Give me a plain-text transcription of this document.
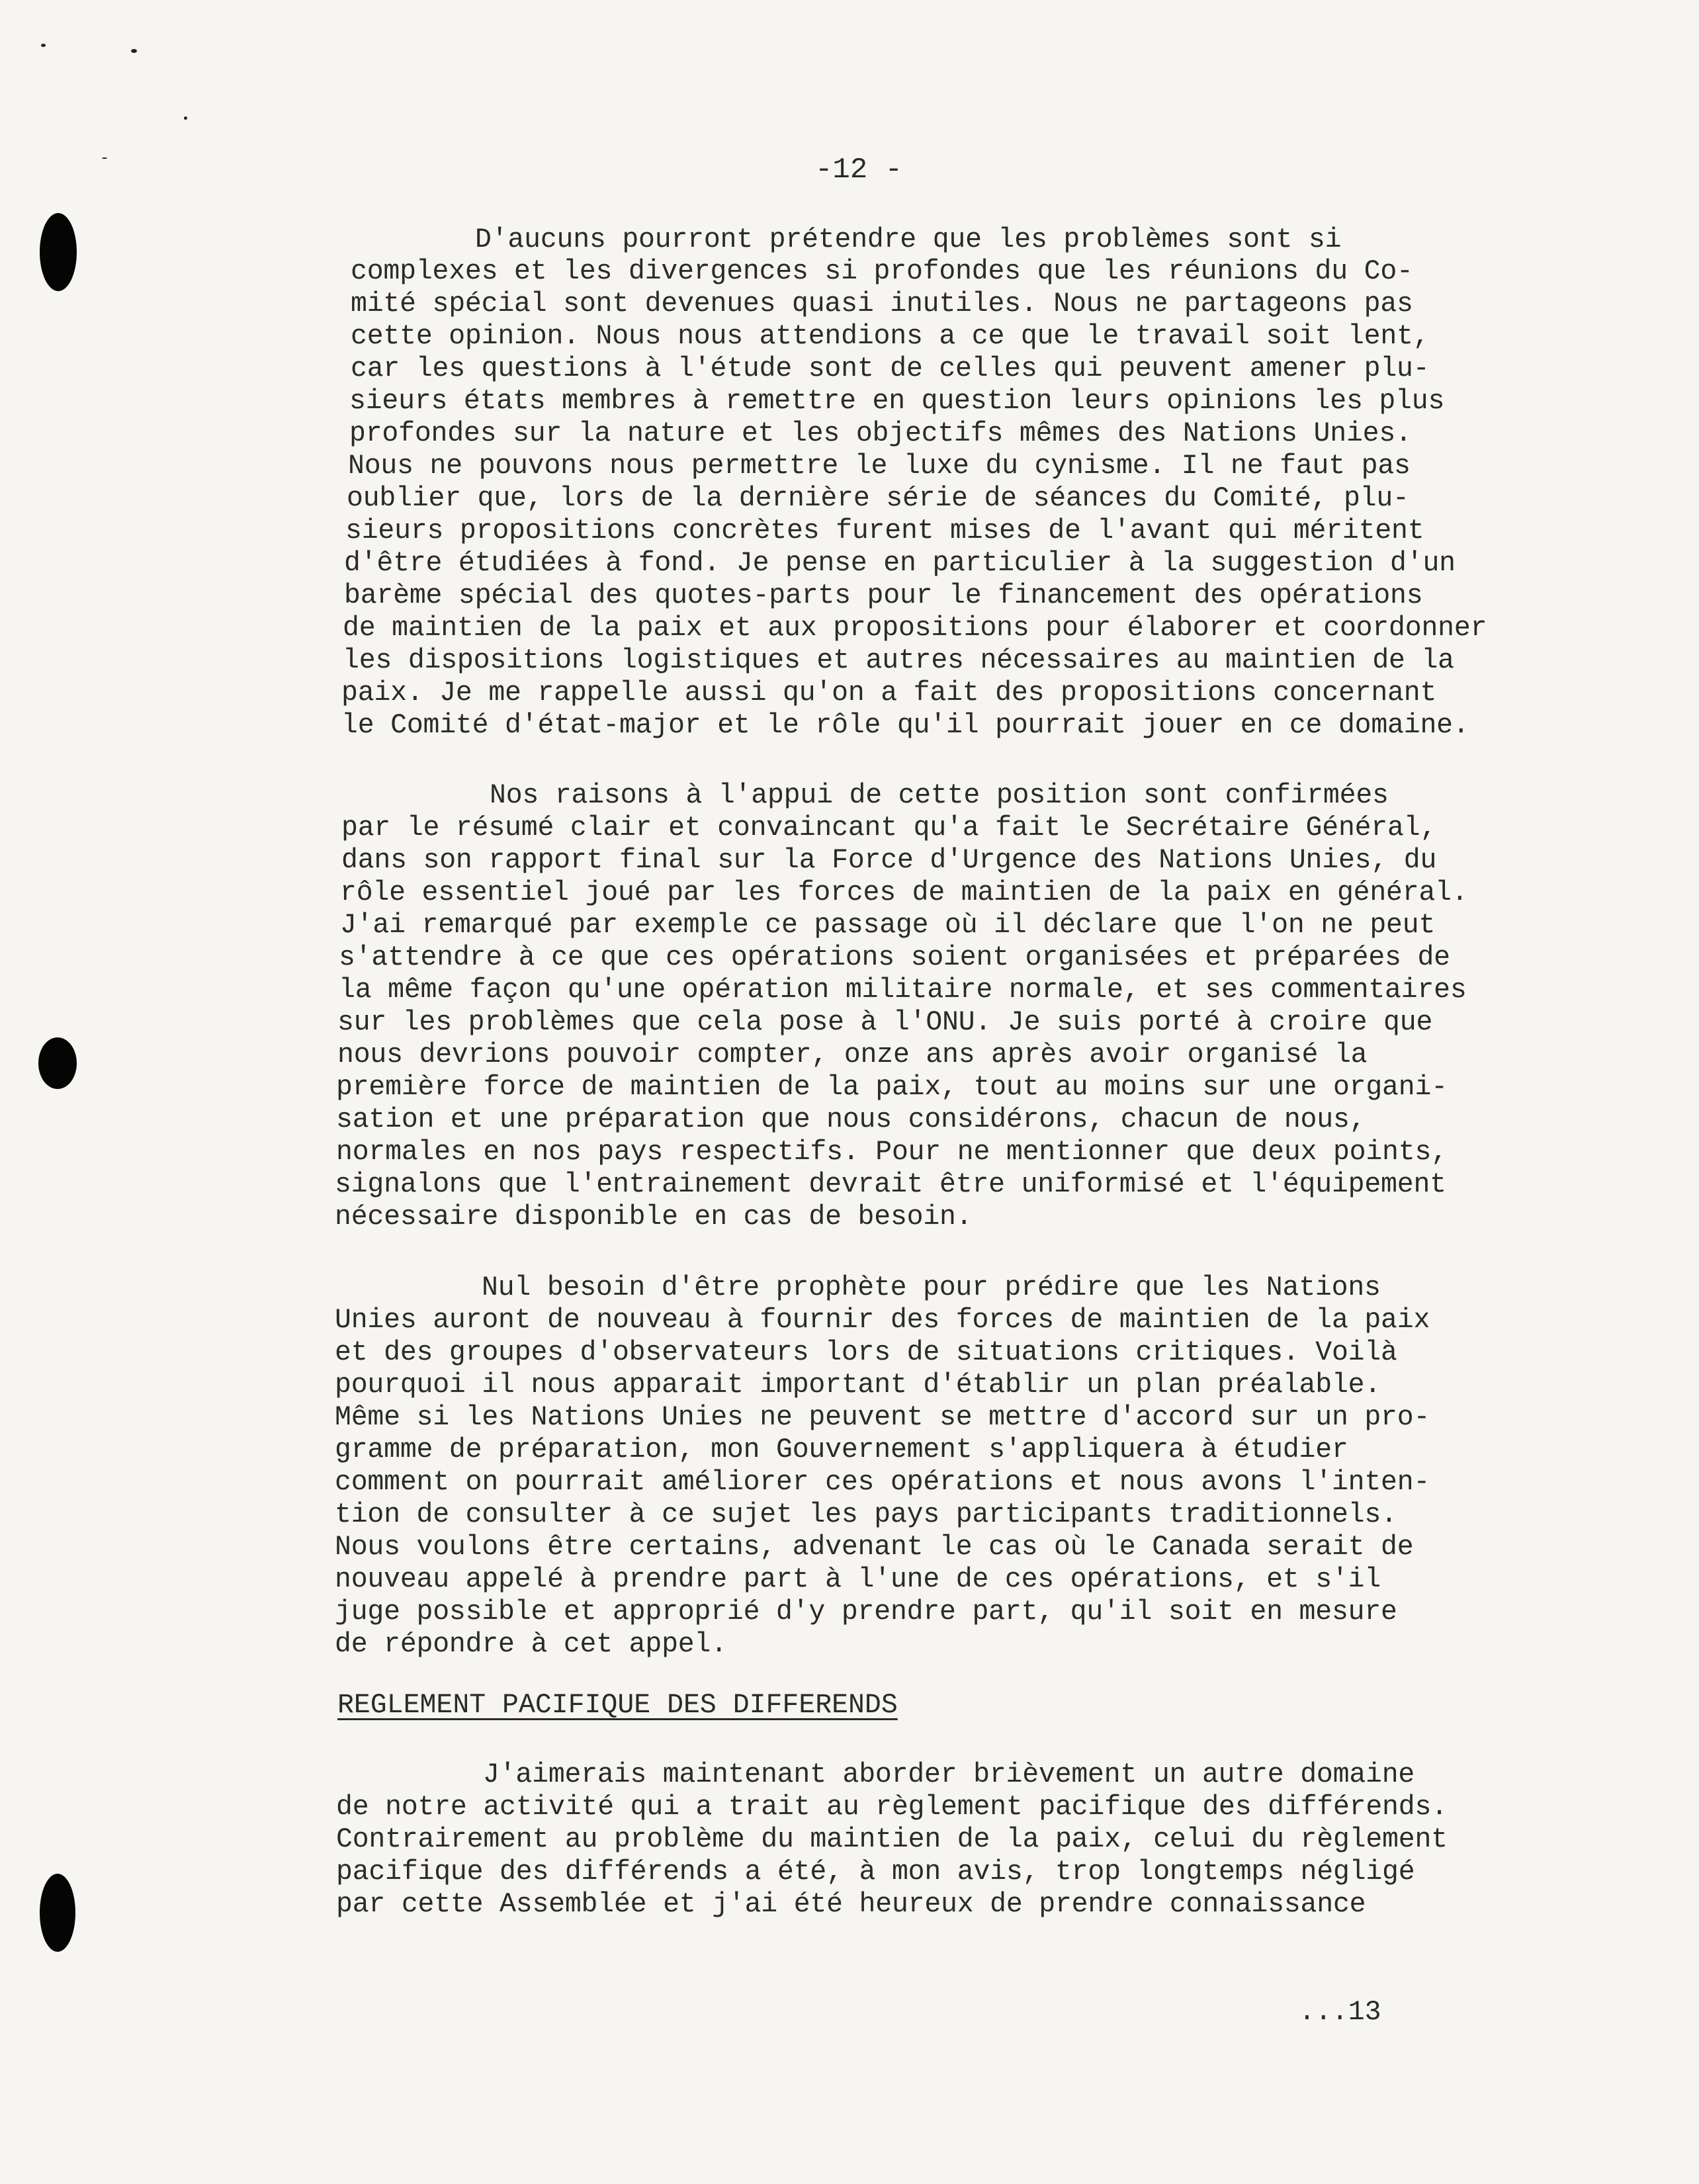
-12 -
D'aucuns pourront prétendre que les problèmes sont si
complexes et les divergences si profondes que les réunions du Co-
mité spécial sont devenues quasi inutiles. Nous ne partageons pas
cette opinion. Nous nous attendions a ce que le travail soit lent,
car les questions à l'étude sont de celles qui peuvent amener plu-
sieurs états membres à remettre en question leurs opinions les plus
profondes sur la nature et les objectifs mêmes des Nations Unies.
Nous ne pouvons nous permettre le luxe du cynisme. Il ne faut pas
oublier que, lors de la dernière série de séances du Comité, plu-
sieurs propositions concrètes furent mises de l'avant qui méritent
d'être étudiées à fond. Je pense en particulier à la suggestion d'un
barème spécial des quotes-parts pour le financement des opérations
de maintien de la paix et aux propositions pour élaborer et coordonner
les dispositions logistiques et autres nécessaires au maintien de la
paix. Je me rappelle aussi qu'on a fait des propositions concernant
le Comité d'état-major et le rôle qu'il pourrait jouer en ce domaine.
Nos raisons à l'appui de cette position sont confirmées
par le résumé clair et convaincant qu'a fait le Secrétaire Général,
dans son rapport final sur la Force d'Urgence des Nations Unies, du
rôle essentiel joué par les forces de maintien de la paix en général.
J'ai remarqué par exemple ce passage où il déclare que l'on ne peut
s'attendre à ce que ces opérations soient organisées et préparées de
la même façon qu'une opération militaire normale, et ses commentaires
sur les problèmes que cela pose à l'ONU. Je suis porté à croire que
nous devrions pouvoir compter, onze ans après avoir organisé la
première force de maintien de la paix, tout au moins sur une organi-
sation et une préparation que nous considérons, chacun de nous,
normales en nos pays respectifs. Pour ne mentionner que deux points,
signalons que l'entrainement devrait être uniformisé et l'équipement
nécessaire disponible en cas de besoin.
Nul besoin d'être prophète pour prédire que les Nations
Unies auront de nouveau à fournir des forces de maintien de la paix
et des groupes d'observateurs lors de situations critiques. Voilà
pourquoi il nous apparait important d'établir un plan préalable.
Même si les Nations Unies ne peuvent se mettre d'accord sur un pro-
gramme de préparation, mon Gouvernement s'appliquera à étudier
comment on pourrait améliorer ces opérations et nous avons l'inten-
tion de consulter à ce sujet les pays participants traditionnels.
Nous voulons être certains, advenant le cas où le Canada serait de
nouveau appelé à prendre part à l'une de ces opérations, et s'il
juge possible et approprié d'y prendre part, qu'il soit en mesure
de répondre à cet appel.
REGLEMENT PACIFIQUE DES DIFFERENDS
J'aimerais maintenant aborder brièvement un autre domaine
de notre activité qui a trait au règlement pacifique des différends.
Contrairement au problème du maintien de la paix, celui du règlement
pacifique des différends a été, à mon avis, trop longtemps négligé
par cette Assemblée et j'ai été heureux de prendre connaissance
...13
